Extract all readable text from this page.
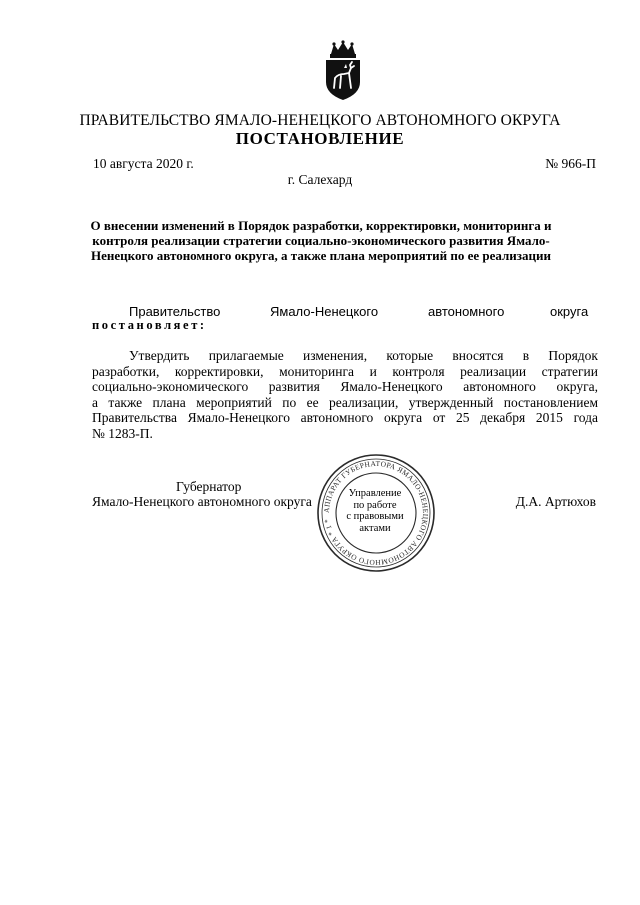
ПРАВИТЕЛЬСТВО ЯМАЛО-НЕНЕЦКОГО АВТОНОМНОГО ОКРУГА
ПОСТАНОВЛЕНИЕ
10 августа 2020 г.	№ 966-П
г. Салехард
О внесении изменений в Порядок разработки, корректировки, мониторинга и контроля реализации стратегии социально-экономического развития Ямало-Ненецкого автономного округа, а также плана мероприятий по ее реализации
Правительство	Ямало-Ненецкого	автономного	округа
постановляет:

Утвердить прилагаемые изменения, которые вносятся в Порядок

разработки, корректировки, мониторинга и контроля реализации стратегии

социально-экономического развития Ямало-Ненецкого автономного округа,

а также плана мероприятий по ее реализации, утвержденный постановлением

Правительства Ямало-Ненецкого автономного округа от 25 декабря 2015 года

№ 1283-П.

Губернатор
Ямало-Ненецкого автономного округа	Д.А. Артюхов
АППАРАТ ГУБЕРНАТОРА ЯМАЛО-НЕНЕЦКОГО АВТОНОМНОГО ОКРУГА * 1 *
Управление
по работе
с правовыми
актами
